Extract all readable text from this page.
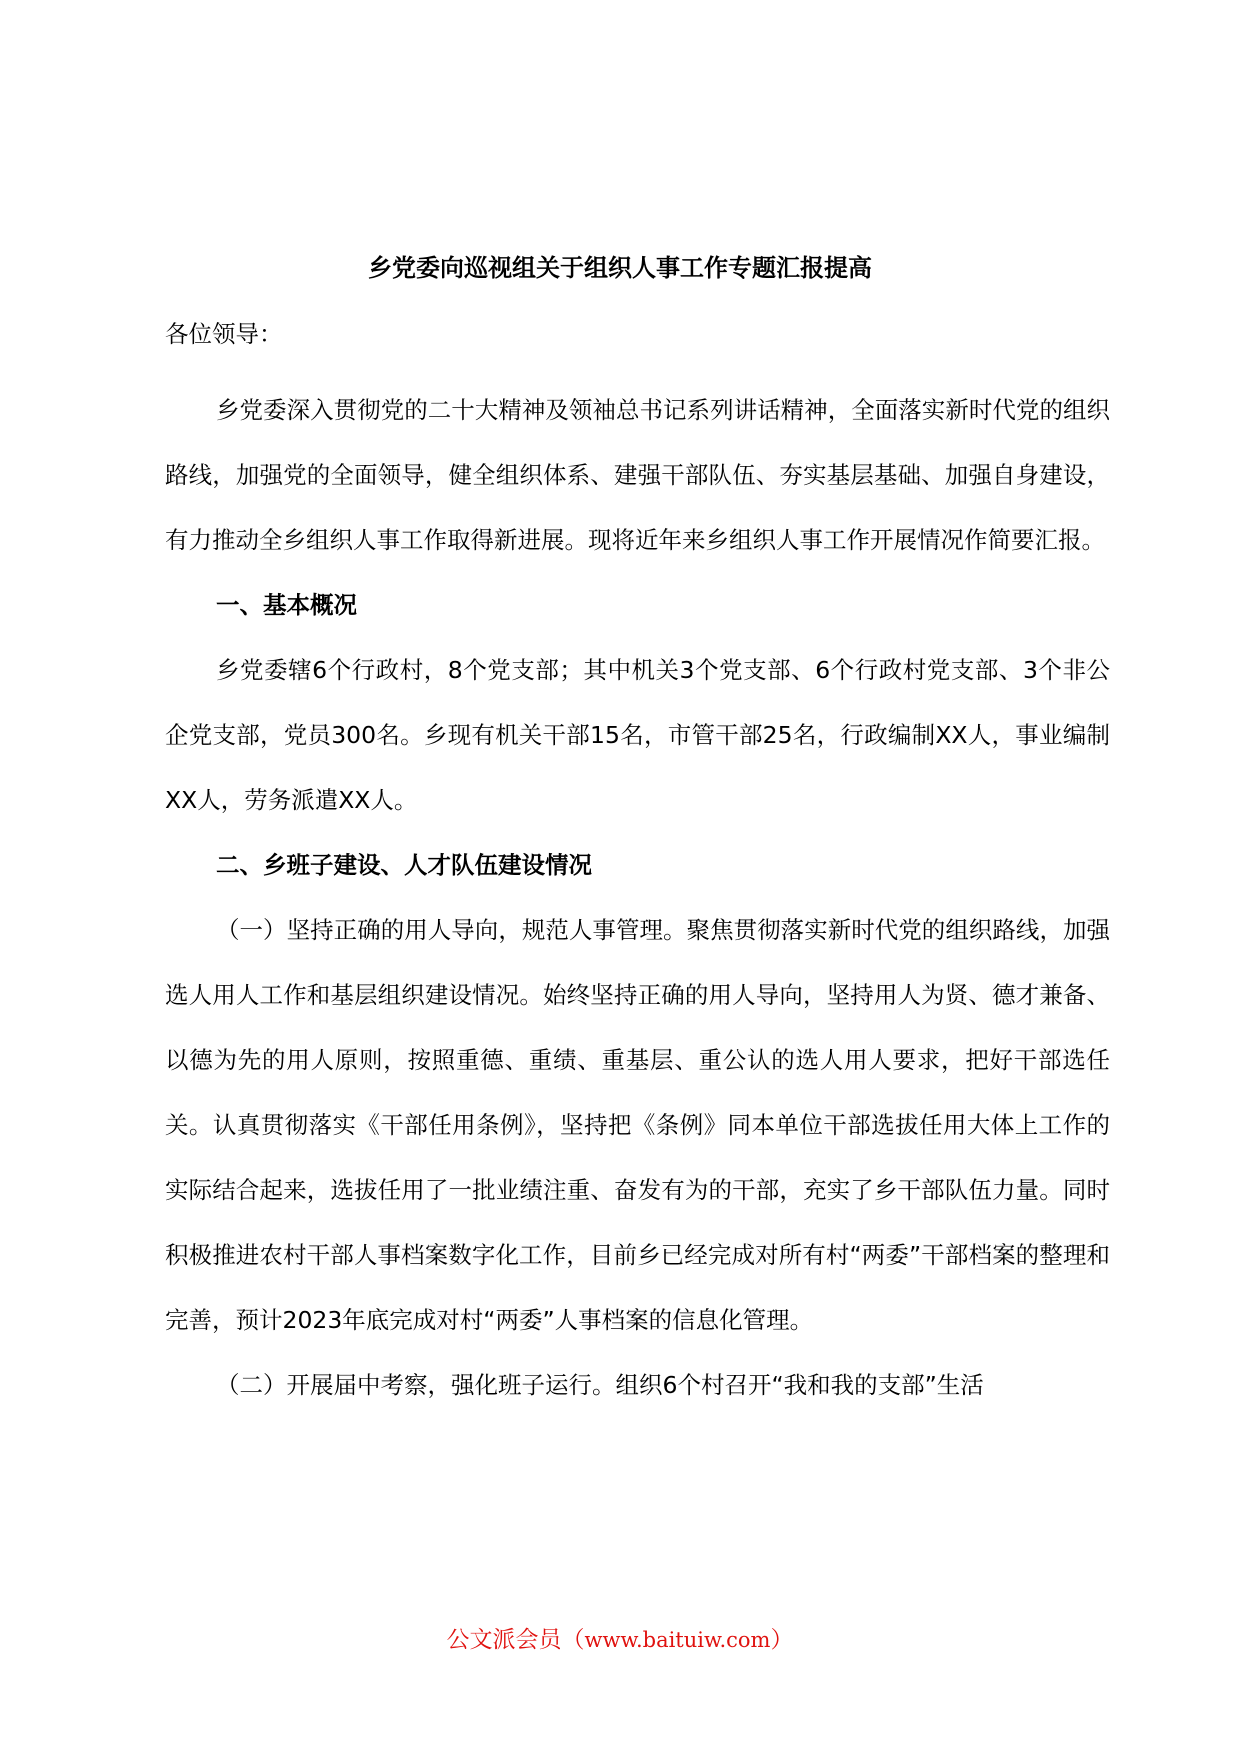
乡党委向巡视组关于组织人事工作专题汇报提高

各位领导：

乡党委深入贯彻党的二十大精神及领袖总书记系列讲话精神，全面落实新时代党的组织路线，加强党的全面领导，健全组织体系、建强干部队伍、夯实基层基础、加强自身建设，有力推动全乡组织人事工作取得新进展。现将近年来乡组织人事工作开展情况作简要汇报。

一、基本概况

乡党委辖6个行政村，8个党支部；其中机关3个党支部、6个行政村党支部、3个非公企党支部，党员300名。乡现有机关干部15名，市管干部25名，行政编制XX人，事业编制XX人，劳务派遣XX人。

二、乡班子建设、人才队伍建设情况

（一）坚持正确的用人导向，规范人事管理。聚焦贯彻落实新时代党的组织路线，加强选人用人工作和基层组织建设情况。始终坚持正确的用人导向，坚持用人为贤、德才兼备、以德为先的用人原则，按照重德、重绩、重基层、重公认的选人用人要求，把好干部选任关。认真贯彻落实《干部任用条例》，坚持把《条例》同本单位干部选拔任用大体上工作的实际结合起来，选拔任用了一批业绩注重、奋发有为的干部，充实了乡干部队伍力量。同时积极推进农村干部人事档案数字化工作，目前乡已经完成对所有村“两委”干部档案的整理和完善，预计2023年底完成对村“两委”人事档案的信息化管理。

（二）开展届中考察，强化班子运行。组织6个村召开“我和我的支部”生活

公文派会员（www.baituiw.com）
